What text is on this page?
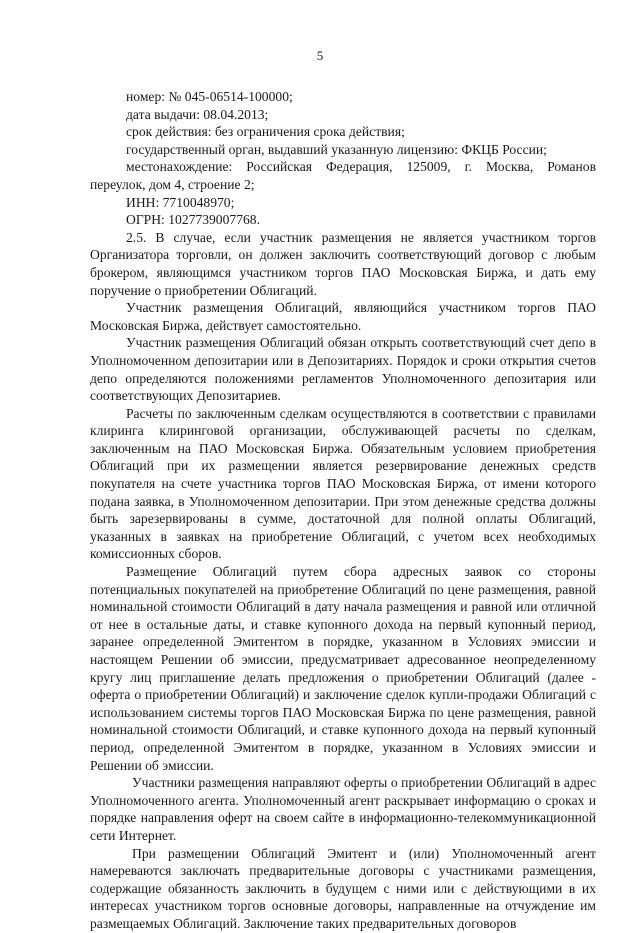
5

номер: № 045-06514-100000;

дата выдачи: 08.04.2013;

срок действия: без ограничения срока действия;

государственный орган, выдавший указанную лицензию: ФКЦБ России;

местонахождение: Российская Федерация, 125009, г. Москва, Романов

переулок, дом 4, строение 2;

ИНН: 7710048970;

ОГРН: 1027739007768.

2.5. В случае, если участник размещения не является участником торгов Организатора торговли, он должен заключить соответствующий договор с любым брокером, являющимся участником торгов ПАО Московская Биржа, и дать ему поручение о приобретении Облигаций.

Участник размещения Облигаций, являющийся участником торгов ПАО Московская Биржа, действует самостоятельно.

Участник размещения Облигаций обязан открыть соответствующий счет депо в Уполномоченном депозитарии или в Депозитариях. Порядок и сроки открытия счетов депо определяются положениями регламентов Уполномоченного депозитария или соответствующих Депозитариев.

Расчеты по заключенным сделкам осуществляются в соответствии с правилами клиринга клиринговой организации, обслуживающей расчеты по сделкам, заключенным на ПАО Московская Биржа. Обязательным условием приобретения Облигаций при их размещении является резервирование денежных средств покупателя на счете участника торгов ПАО Московская Биржа, от имени которого подана заявка, в Уполномоченном депозитарии. При этом денежные средства должны быть зарезервированы в сумме, достаточной для полной оплаты Облигаций, указанных в заявках на приобретение Облигаций, с учетом всех необходимых комиссионных сборов.

Размещение Облигаций путем сбора адресных заявок со стороны потенциальных покупателей на приобретение Облигаций по цене размещения, равной номинальной стоимости Облигаций в дату начала размещения и равной или отличной от нее в остальные даты, и ставке купонного дохода на первый купонный период, заранее определенной Эмитентом в порядке, указанном в Условиях эмиссии и настоящем Решении об эмиссии, предусматривает адресованное неопределенному кругу лиц приглашение делать предложения о приобретении Облигаций (далее - оферта о приобретении Облигаций) и заключение сделок купли-продажи Облигаций с использованием системы торгов ПАО Московская Биржа по цене размещения, равной номинальной стоимости Облигаций, и ставке купонного дохода на первый купонный период, определенной Эмитентом в порядке, указанном в Условиях эмиссии и Решении об эмиссии.

Участники размещения направляют оферты о приобретении Облигаций в адрес Уполномоченного агента. Уполномоченный агент раскрывает информацию о сроках и порядке направления оферт на своем сайте в информационно-телекоммуникационной сети Интернет.

При размещении Облигаций Эмитент и (или) Уполномоченный агент намереваются заключать предварительные договоры с участниками размещения, содержащие обязанность заключить в будущем с ними или с действующими в их интересах участником торгов основные договоры, направленные на отчуждение им размещаемых Облигаций. Заключение таких предварительных договоров
